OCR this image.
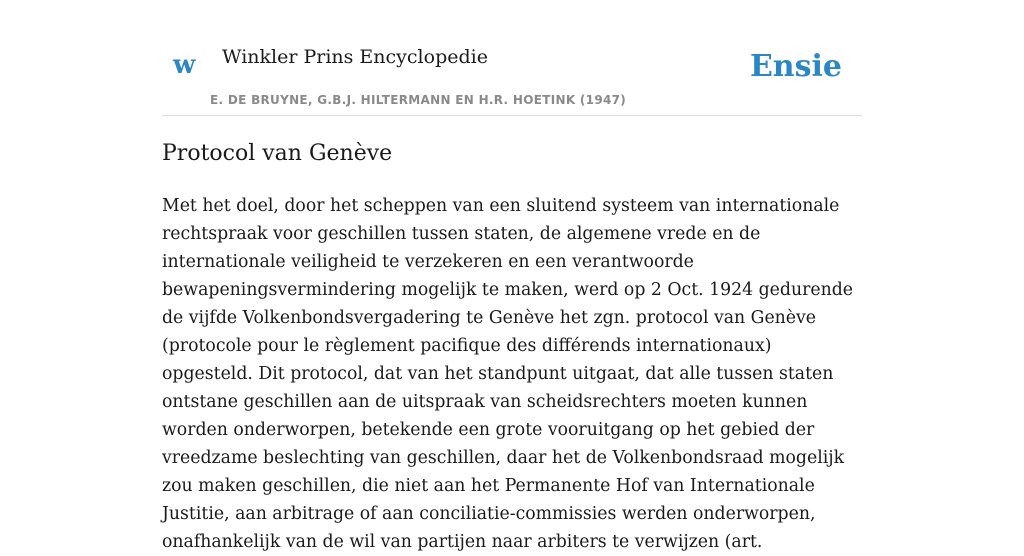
w Winkler Prins Encyclopedie
E. DE BRUYNE, G.B.J. HILTERMANN EN H.R. HOETINK (1947)
Ensie
Protocol van Genève

Met het doel, door het scheppen van een sluitend systeem van internationale rechtspraak voor geschillen tussen staten, de algemene vrede en de internationale veiligheid te verzekeren en een verantwoorde bewapeningsvermindering mogelijk te maken, werd op 2 Oct. 1924 gedurende de vijfde Volkenbondsvergadering te Genève het zgn. protocol van Genève (protocole pour le règlement pacifique des différends internationaux) opgesteld. Dit protocol, dat van het standpunt uitgaat, dat alle tussen staten ontstane geschillen aan de uitspraak van scheidsrechters moeten kunnen worden onderworpen, betekende een grote vooruitgang op het gebied der vreedzame beslechting van geschillen, daar het de Volkenbondsraad mogelijk zou maken geschillen, die niet aan het Permanente Hof van Internationale Justitie, aan arbitrage of aan conciliatie-commissies werden onderworpen, onafhankelijk van de wil van partijen naar arbiters te verwijzen (art.
